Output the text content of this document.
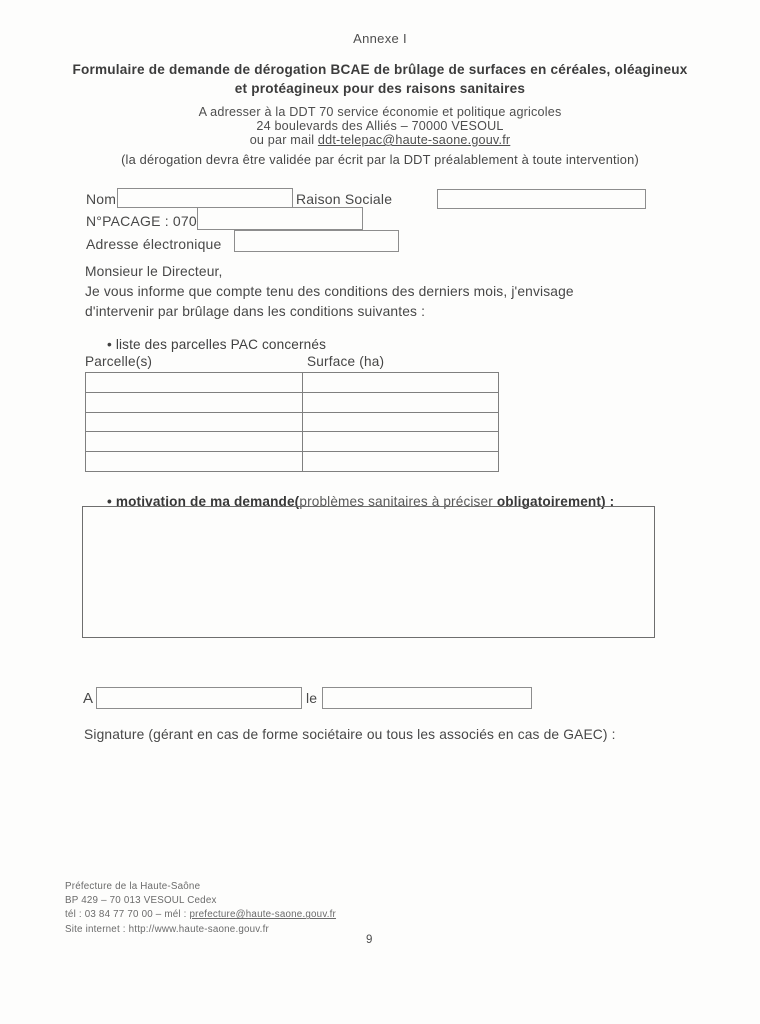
Annexe I
Formulaire de demande de dérogation BCAE de brûlage de surfaces en céréales, oléagineux
et protéagineux pour des raisons sanitaires
A adresser à la DDT 70 service économie et politique agricoles
24 boulevards des Alliés – 70000 VESOUL
ou par mail ddt-telepac@haute-saone.gouv.fr
(la dérogation devra être validée par écrit par la DDT préalablement à toute intervention)
Nom	Raison Sociale
N°PACAGE : 070
Adresse électronique
Monsieur le Directeur,
Je vous informe que compte tenu des conditions des derniers mois, j'envisage
d'intervenir par brûlage dans les conditions suivantes :
• liste des parcelles PAC concernés
Parcelle(s)	Surface (ha)

• motivation de ma demande(problèmes sanitaires à préciser obligatoirement) :
A	le
Signature (gérant en cas de forme sociétaire ou tous les associés en cas de GAEC) :
Préfecture de la Haute-Saône
BP 429 – 70 013 VESOUL Cedex
tél : 03 84 77 70 00 – mél : prefecture@haute-saone.gouv.fr
Site internet : http://www.haute-saone.gouv.fr
9
